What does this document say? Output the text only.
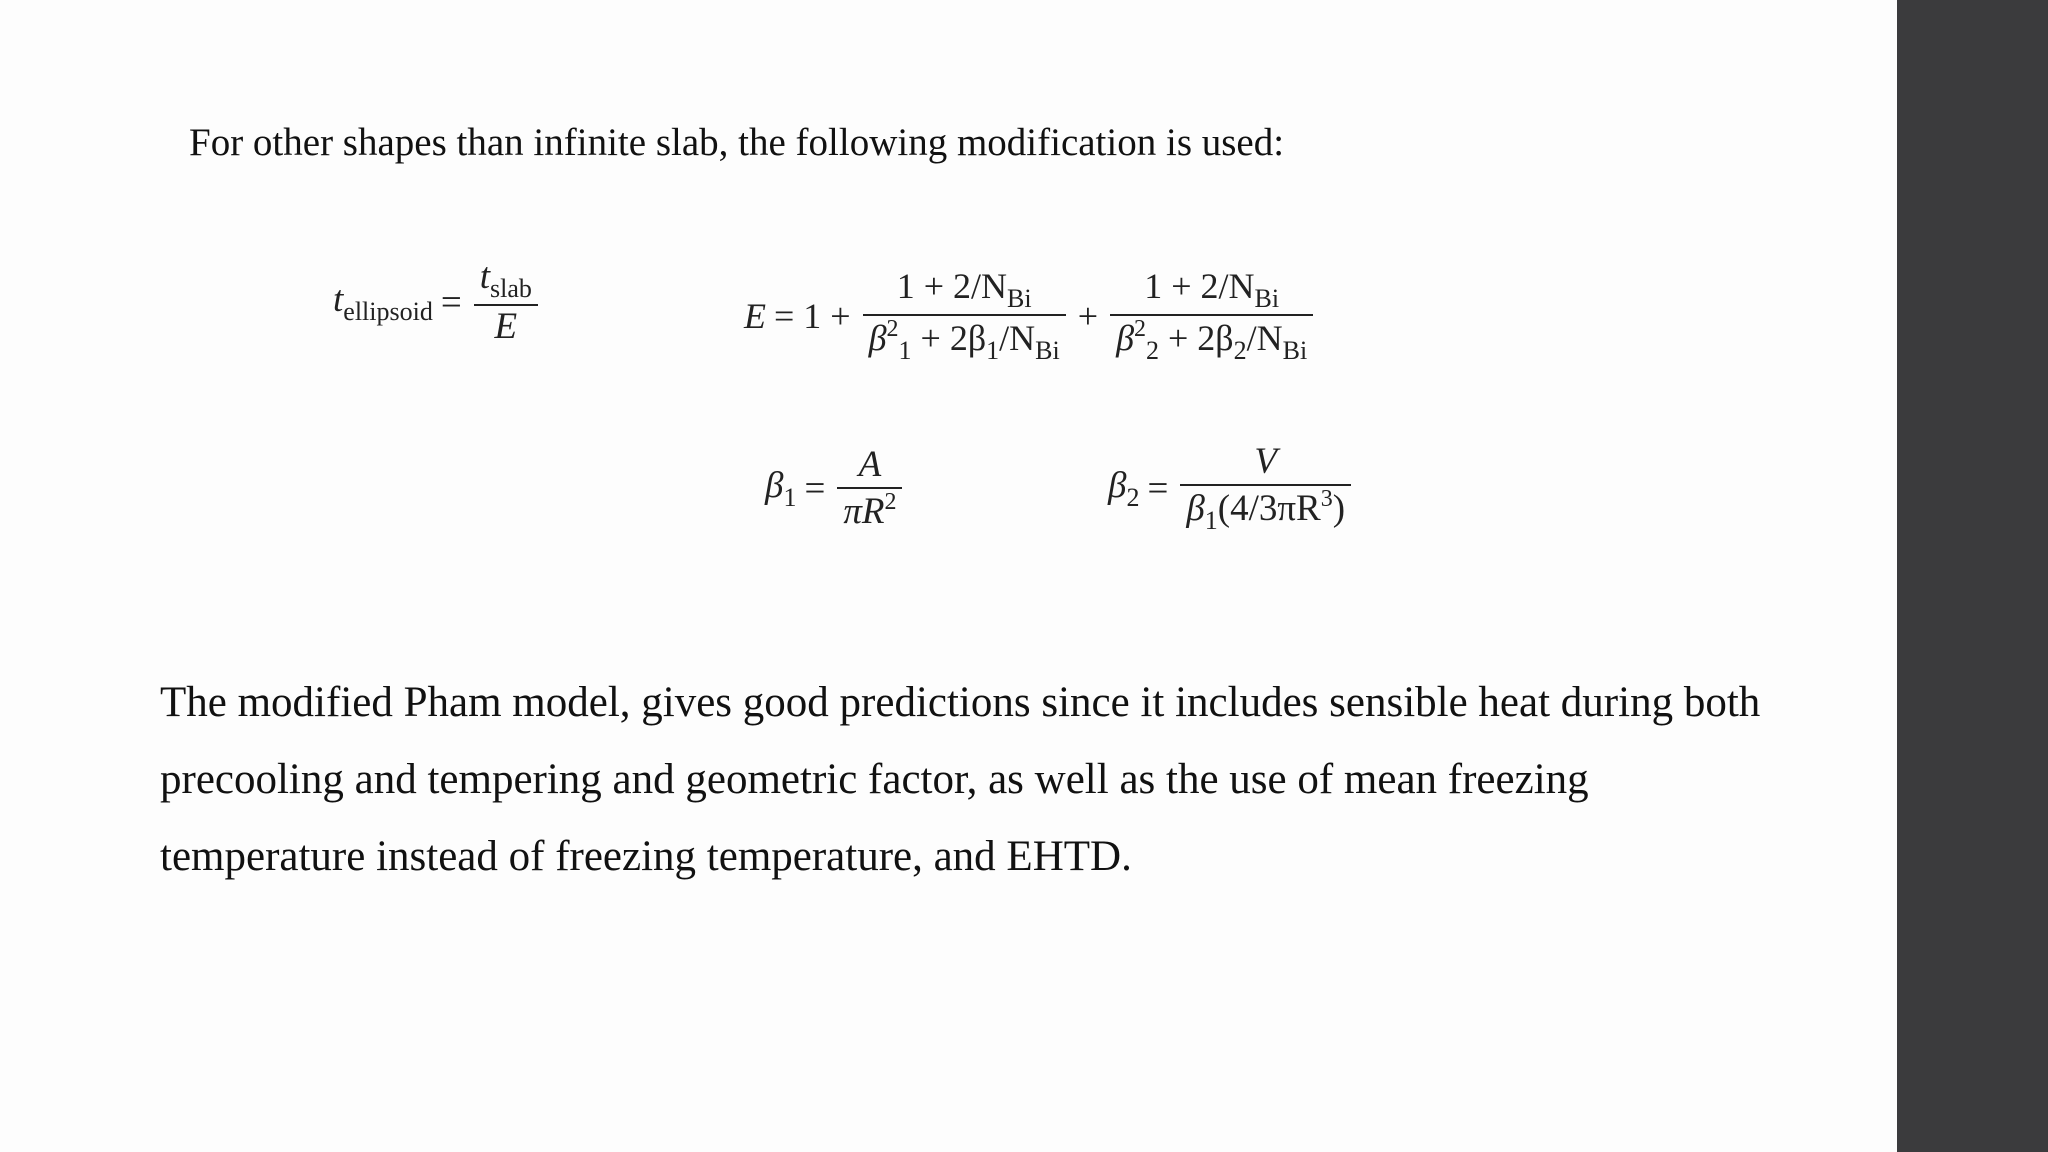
For other shapes than infinite slab, the following modification is used:
$t_{ellipsoid} = \frac{t_{slab}}{E}$	$E = 1 + \frac{1 + 2/N_{Bi}}{\beta^2_1 + 2\beta_1/N_{Bi}} + \frac{1 + 2/N_{Bi}}{\beta^2_2 + 2\beta_2/N_{Bi}}$
$\beta_1 = \frac{A}{\pi R^2}$	$\beta_2 = \frac{V}{\beta_1(4/3\pi R^3)}$

The modified Pham model, gives good predictions since it includes sensible heat during both

precooling and tempering and geometric factor, as well as the use of mean freezing

temperature instead of freezing temperature, and EHTD.
